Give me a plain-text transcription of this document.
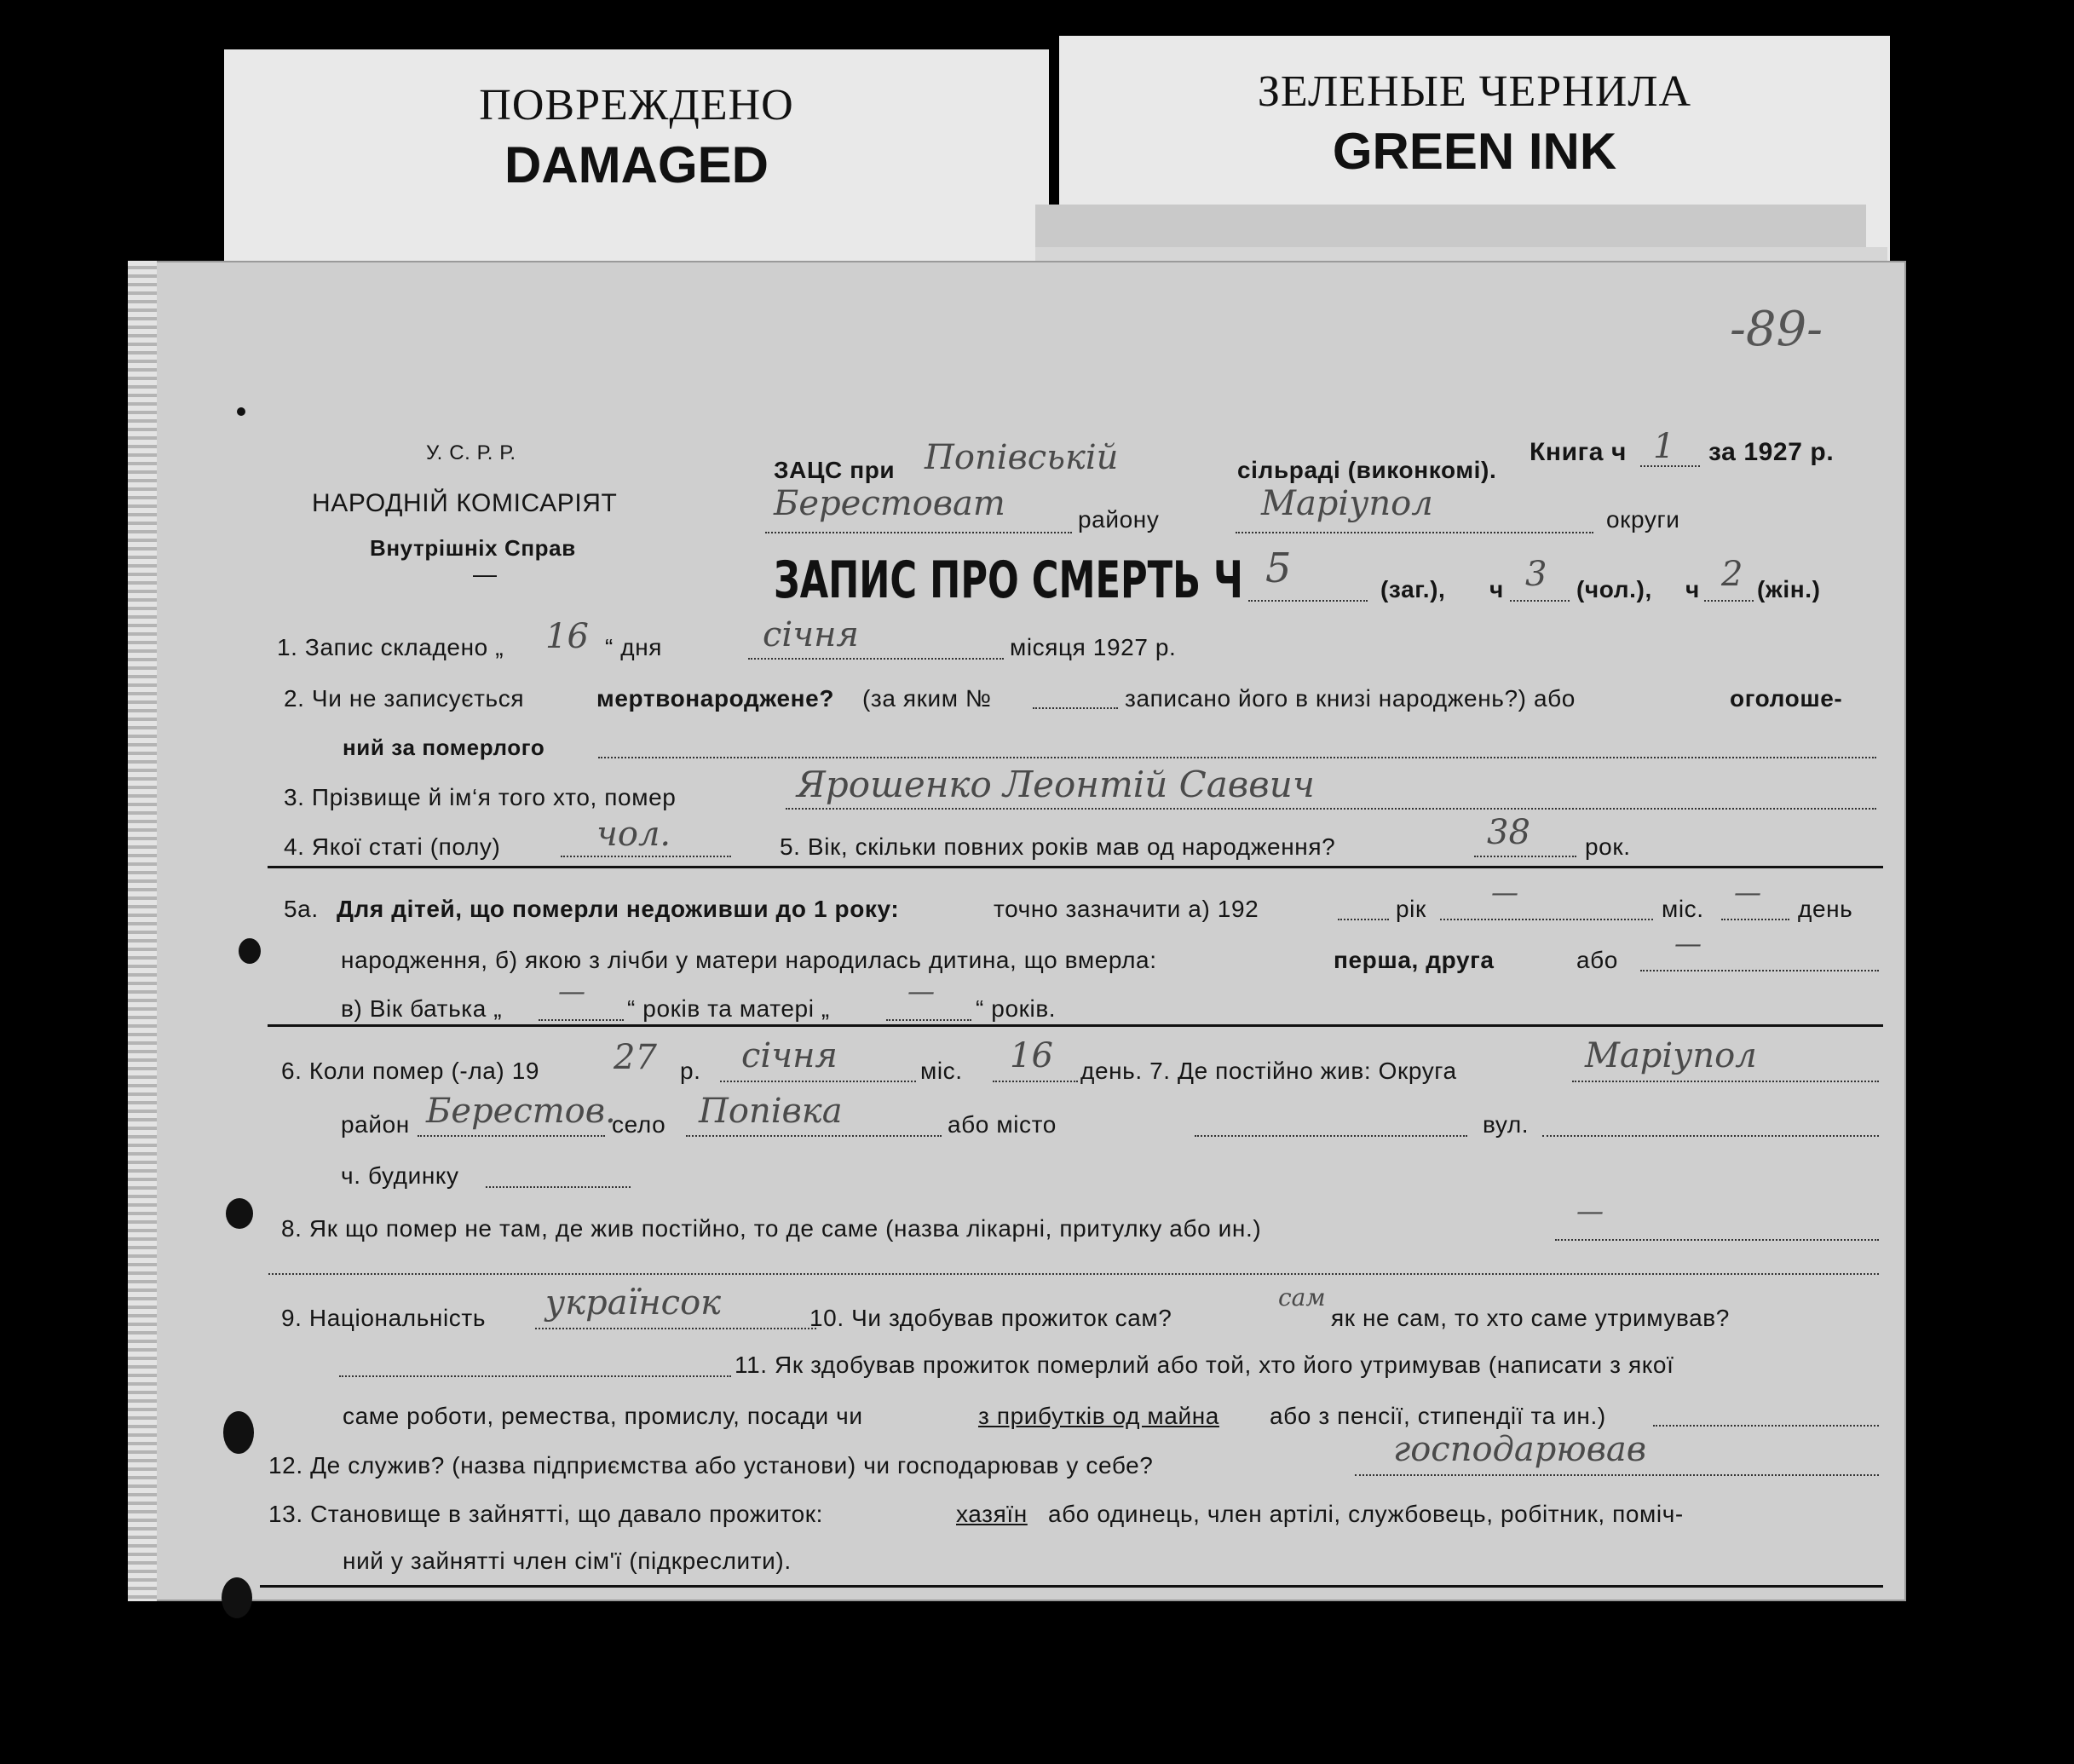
ПОВРЕЖДЕНО
DAMAGED
ЗЕЛЕНЫЕ ЧЕРНИЛА
GREEN INK
-89-
У. С. Р. Р.
НАРОДНІЙ КОМІСАРІЯТ
Внутрішніх Справ
—
ЗАЦС при Попівській	сільраді (виконкомі).
Книга ч 1 за 1927 р.
Берестоват	району	Маріупол	округи
ЗАПИС ПРО СМЕРТЬ Ч 5	(заг.), ч 3 (чол.), ч 2 (жін.)
1. Запис складено „ 16 “ дня	січня	місяця 1927 р.
2. Чи не записується	мертвонароджене? (за яким №	записано його в книзі народжень?) або	оголоше-
ний за померлого
3. Прізвище й ім‘я того хто, помер	Ярошенко Леонтій Саввич
4. Якої статі (полу)	чол.	5. Вік, скільки повних років мав од народження?	38 рок.
5а. Для дітей, що померли недоживши до 1 року:	точно зазначити а) 192	рік
—
міс.
—
день
народження, б) якою з лічби у матери народилась дитина, що вмерла:	перша, друга	або
—
в) Вік батька „
—
“ років та матері „
—
“ років.
6. Коли помер (-ла) 19 27 р. січня	міс. 16 день. 7. Де постійно жив: Округа	Маріупол
район Берестов.
село Попівка	або місто	вул.
ч. будинку
8. Як що помер не там, де жив постійно, то де саме (назва лікарні, притулку або ин.)
—
9. Національність українсок	10. Чи здобував прожиток сам?
сам
як не сам, то хто саме утримував?
11. Як здобував прожиток померлий або той, хто його утримував (написати з якої
саме роботи, ремества, промислу, посади чи	з прибутків од майна або з пенсії, стипендії та ин.)
12. Де служив? (назва підприємства або установи) чи господарював у себе?	господарював
13. Становище в зайнятті, що давало прожиток:	хазяїн або одинець, член артілі, службовець, робітник, поміч-
ний у зайнятті член сім'ї (підкреслити).
